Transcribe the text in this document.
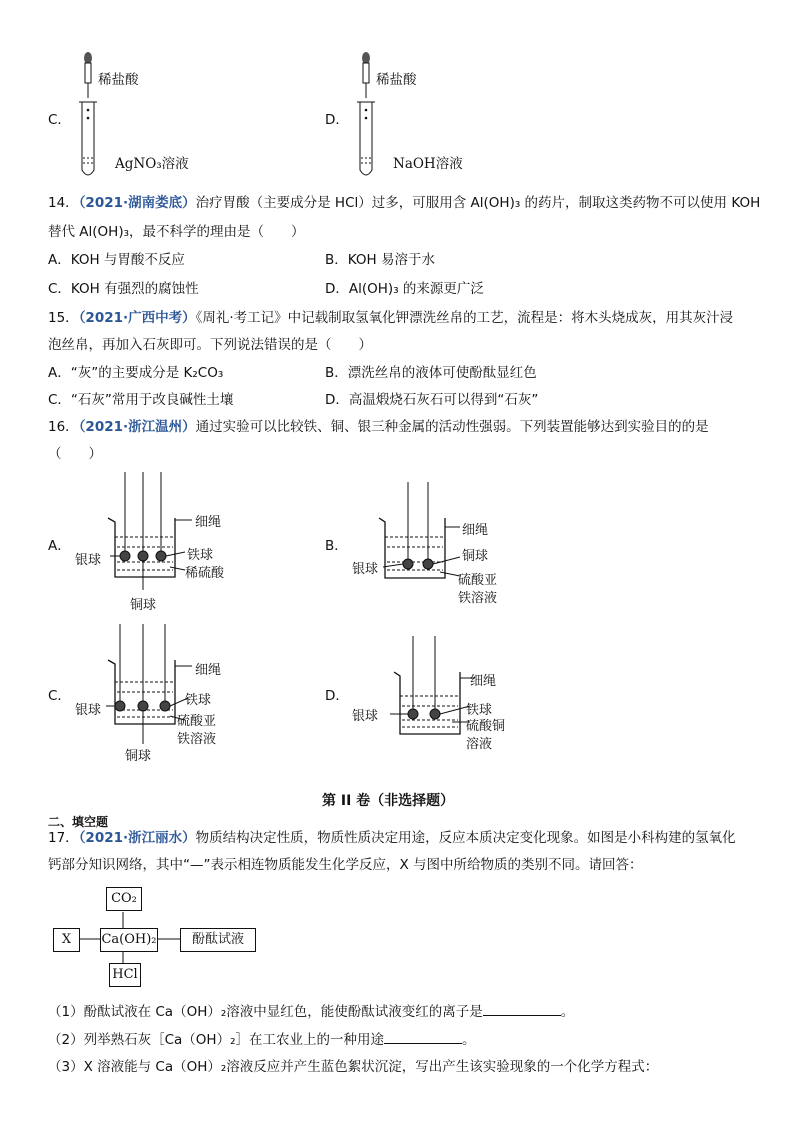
C．
稀盐酸
AgNO₃溶液
D．
稀盐酸
NaOH溶液
14．（2021·湖南娄底）治疗胃酸（主要成分是 HCl）过多，可服用含 Al(OH)₃ 的药片，制取这类药物不可以使用 KOH
替代 Al(OH)₃，最不科学的理由是（　　）
A．KOH 与胃酸不反应	B．KOH 易溶于水
C．KOH 有强烈的腐蚀性	D．Al(OH)₃ 的来源更广泛
15．（2021·广西中考）《周礼·考工记》中记载制取氢氧化钾漂洗丝帛的工艺，流程是：将木头烧成灰，用其灰汁浸
泡丝帛，再加入石灰即可。下列说法错误的是（　　）
A．“灰”的主要成分是 K₂CO₃	B．漂洗丝帛的液体可使酚酞显红色
C．“石灰”常用于改良碱性土壤	D．高温煅烧石灰石可以得到“石灰”
16．（2021·浙江温州）通过实验可以比较铁、铜、银三种金属的活动性强弱。下列装置能够达到实验目的的是
（　　）
A．
细绳
银球	铁球
稀硫酸
铜球
B．
细绳
银球
铜球
硫酸亚
铁溶液
C．
细绳
银球
铁球
硫酸亚
铁溶液
铜球
D．
细绳
银球	铁球
硫酸铜
溶液
第 II 卷（非选择题）
二、填空题
17．（2021·浙江丽水）物质结构决定性质，物质性质决定用途，反应本质决定变化现象。如图是小科构建的氢氧化
钙部分知识网络，其中“—”表示相连物质能发生化学反应，X 与图中所给物质的类别不同。请回答：
CO₂
X	Ca(OH)₂	酚酞试液
HCl
（1）酚酞试液在 Ca（OH）₂溶液中显红色，能使酚酞试液变红的离子是	。
（2）列举熟石灰［Ca（OH）₂］在工农业上的一种用途	。
（3）X 溶液能与 Ca（OH）₂溶液反应并产生蓝色絮状沉淀，写出产生该实验现象的一个化学方程式：
